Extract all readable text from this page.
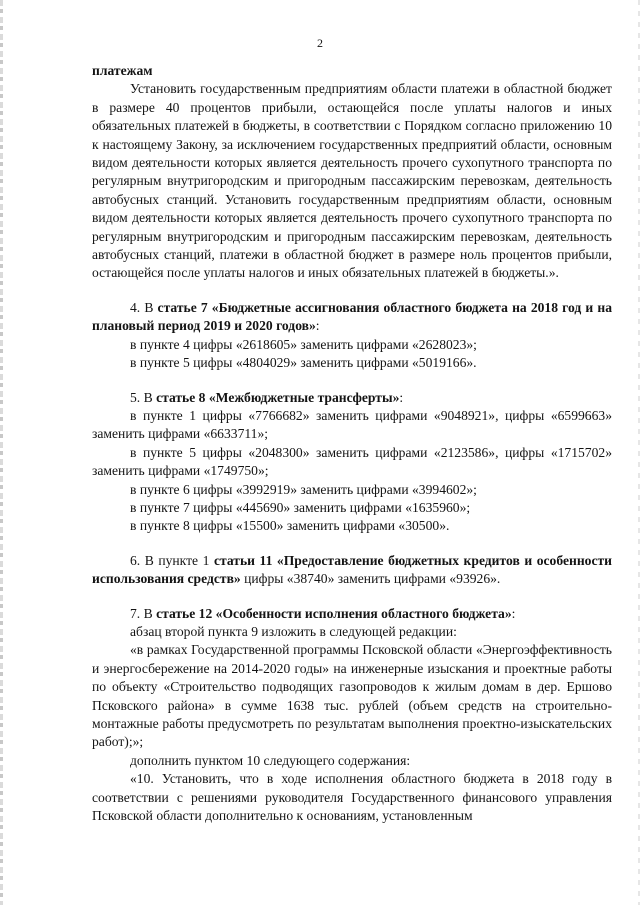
2

платежам

Установить государственным предприятиям области платежи в областной бюджет в размере 40 процентов прибыли, остающейся после уплаты налогов и иных обязательных платежей в бюджеты, в соответствии с Порядком согласно приложению 10 к настоящему Закону, за исключением государственных предприятий области, основным видом деятельности которых является деятельность прочего сухопутного транспорта по регулярным внутригородским и пригородным пассажирским перевозкам, деятельность автобусных станций. Установить государственным предприятиям области, основным видом деятельности которых является деятельность прочего сухопутного транспорта по регулярным внутригородским и пригородным пассажирским перевозкам, деятельность автобусных станций, платежи в областной бюджет в размере ноль процентов прибыли, остающейся после уплаты налогов и иных обязательных платежей в бюджеты.».

4. В статье 7 «Бюджетные ассигнования областного бюджета на 2018 год и на плановый период 2019 и 2020 годов»:

в пункте 4 цифры «2618605» заменить цифрами «2628023»;

в пункте 5 цифры «4804029» заменить цифрами «5019166».

5. В статье 8 «Межбюджетные трансферты»:

в пункте 1 цифры «7766682» заменить цифрами «9048921», цифры «6599663» заменить цифрами «6633711»;

в пункте 5 цифры «2048300» заменить цифрами «2123586», цифры «1715702» заменить цифрами «1749750»;

в пункте 6 цифры «3992919» заменить цифрами «3994602»;

в пункте 7 цифры «445690» заменить цифрами «1635960»;

в пункте 8 цифры «15500» заменить цифрами «30500».

6. В пункте 1 статьи 11 «Предоставление бюджетных кредитов и особенности использования средств» цифры «38740» заменить цифрами «93926».

7. В статье 12 «Особенности исполнения областного бюджета»:

абзац второй пункта 9 изложить в следующей редакции:

«в рамках Государственной программы Псковской области «Энергоэффективность и энергосбережение на 2014-2020 годы» на инженерные изыскания и проектные работы по объекту «Строительство подводящих газопроводов к жилым домам в дер. Ершово Псковского района» в сумме 1638 тыс. рублей (объем средств на строительно-монтажные работы предусмотреть по результатам выполнения проектно-изыскательских работ);»;

дополнить пунктом 10 следующего содержания:

«10. Установить, что в ходе исполнения областного бюджета в 2018 году в соответствии с решениями руководителя Государственного финансового управления Псковской области дополнительно к основаниям, установленным
